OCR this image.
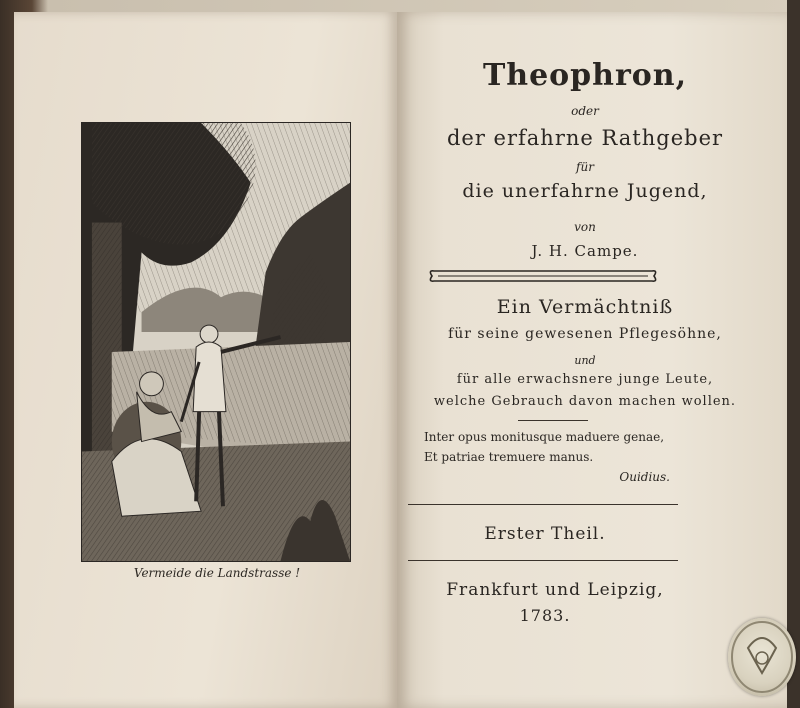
Vermeide die Landstrasse !
Theophron,
oder
der erfahrne Rathgeber
für
die unerfahrne Jugend,
von
J. H. Campe.
Ein Vermächtniß
für seine gewesenen Pflegesöhne,
und
für alle erwachsnere junge Leute,
welche Gebrauch davon machen wollen.
Inter opus monitusque maduere genae,
Et patriae tremuere manus.
Ouidius.
Erster Theil.
Frankfurt und Leipzig,
1783.
